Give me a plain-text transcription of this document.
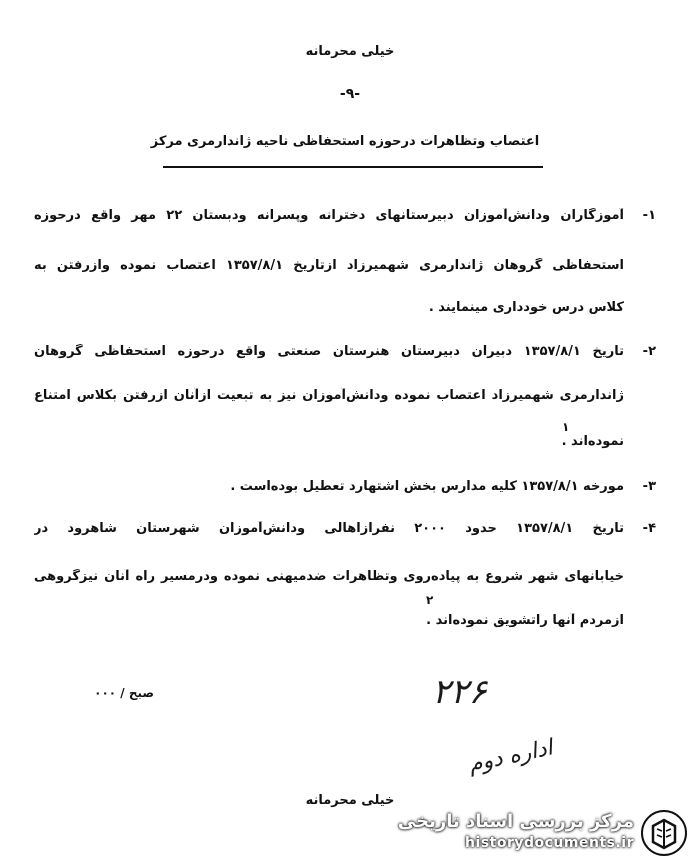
خیلی محرمانه
-۹-
اعتصاب وتظاهرات درحوزه استحفاظی ناحیه ژاندارمری مرکز
۱-
آموزگاران ودانش‌آموزان دبیرستانهای دخترانه وپسرانه ودبستان ۲۲ مهر واقع درحوزه
استحفاظی گروهان ژاندارمری شهمیرزاد ازتاریخ ۱۳۵۷/۸/۱ اعتصاب نموده وازرفتن به
کلاس درس خودداری مینمایند .
۲-
تاریخ ۱۳۵۷/۸/۱ دبیران دبیرستان هنرستان صنعتی واقع درحوزه استحفاظی گروهان
ژاندارمری شهمیرزاد اعتصاب نموده ودانش‌آموزان نیز به تبعیت ازآنان ازرفتن بکلاس امتناع
نموده‌اند .
۱
۳-
مورخه ۱۳۵۷/۸/۱ کلیه مدارس بخش اشتهارد تعطیل بوده‌است .
۴-
تاریخ ۱۳۵۷/۸/۱ حدود ۲۰۰۰ نفرازاهالی ودانش‌آموزان شهرستان شاهرود در
خیابانهای شهر شروع به پیاده‌روی وتظاهرات ضدمیهنی نموده ودرمسیر راه آنان نیزگروهی
ازمردم آنها راتشویق نموده‌اند .
۲
صبح / ۰۰۰	۲۲۶
اداره دوم
خیلی محرمانه
مرکز بررسی اسناد تاریخی
historydocuments.ir
